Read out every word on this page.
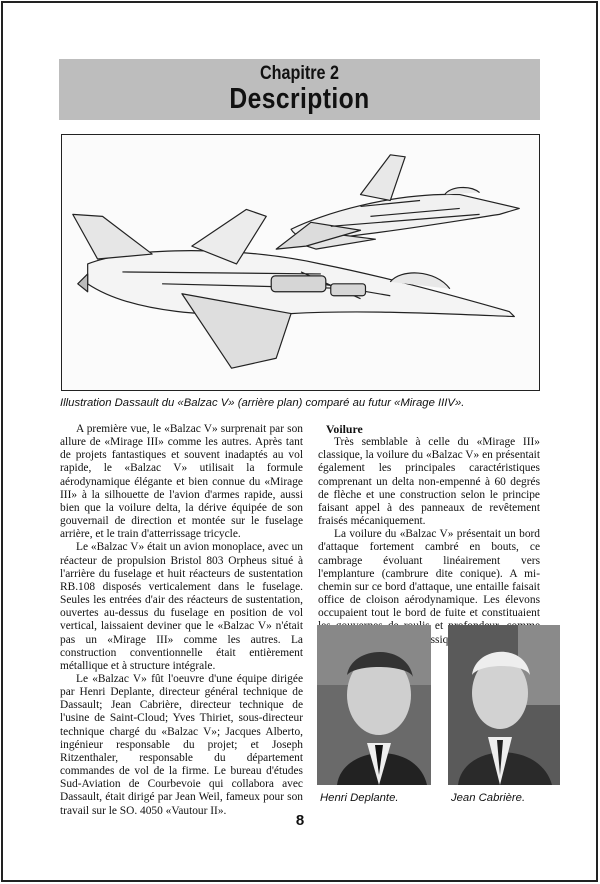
Chapitre 2
Description
Illustration Dassault du «Balzac V» (arrière plan) comparé au futur «Mirage IIIV».

A première vue, le «Balzac V» surprenait par son allure de «Mirage III» comme les autres. Après tant de projets fantastiques et souvent inadaptés au vol rapide, le «Balzac V» utilisait la formule aérodynamique élégante et bien connue du «Mirage III» à la silhouette de l'avion d'armes rapide, aussi bien que la voilure delta, la dérive équipée de son gouvernail de direction et montée sur le fuselage arrière, et le train d'atterrissage tricycle.

Le «Balzac V» était un avion monoplace, avec un réacteur de propulsion Bristol 803 Orpheus situé à l'arrière du fuselage et huit réacteurs de sustentation RB.108 disposés verticalement dans le fuselage. Seules les entrées d'air des réacteurs de sustentation, ouvertes au-dessus du fuselage en position de vol vertical, laissaient deviner que le «Balzac V» n'était pas un «Mirage III» comme les autres. La construction conventionnelle était entièrement métallique et à structure intégrale.

Le «Balzac V» fût l'oeuvre d'une équipe dirigée par Henri Deplante, directeur général technique de Dassault; Jean Cabrière, directeur technique de l'usine de Saint-Cloud; Yves Thiriet, sous-directeur technique chargé du «Balzac V»; Jacques Alberto, ingénieur responsable du projet; et Joseph Ritzenthaler, responsable du département commandes de vol de la firme. Le bureau d'études Sud-Aviation de Courbevoie qui collabora avec Dassault, était dirigé par Jean Weil, fameux pour son travail sur le SO. 4050 «Vautour II».

Voilure

Très semblable à celle du «Mirage III» classique, la voilure du «Balzac V» en présentait également les principales caractéristiques comprenant un delta non-empenné à 60 degrés de flèche et une construction selon le principe faisant appel à des panneaux de revêtement fraisés mécaniquement.

La voilure du «Balzac V» présentait un bord d'attaque fortement cambré en bouts, ce cambrage évoluant linéairement vers l'emplanture (cambrure dite conique). A mi-chemin sur ce bord d'attaque, une entaille faisait office de cloison aérodynamique. Les élevons occupaient tout le bord de fuite et constituaient et classique.

Henri Deplante.	Jean Cabrière.
8
